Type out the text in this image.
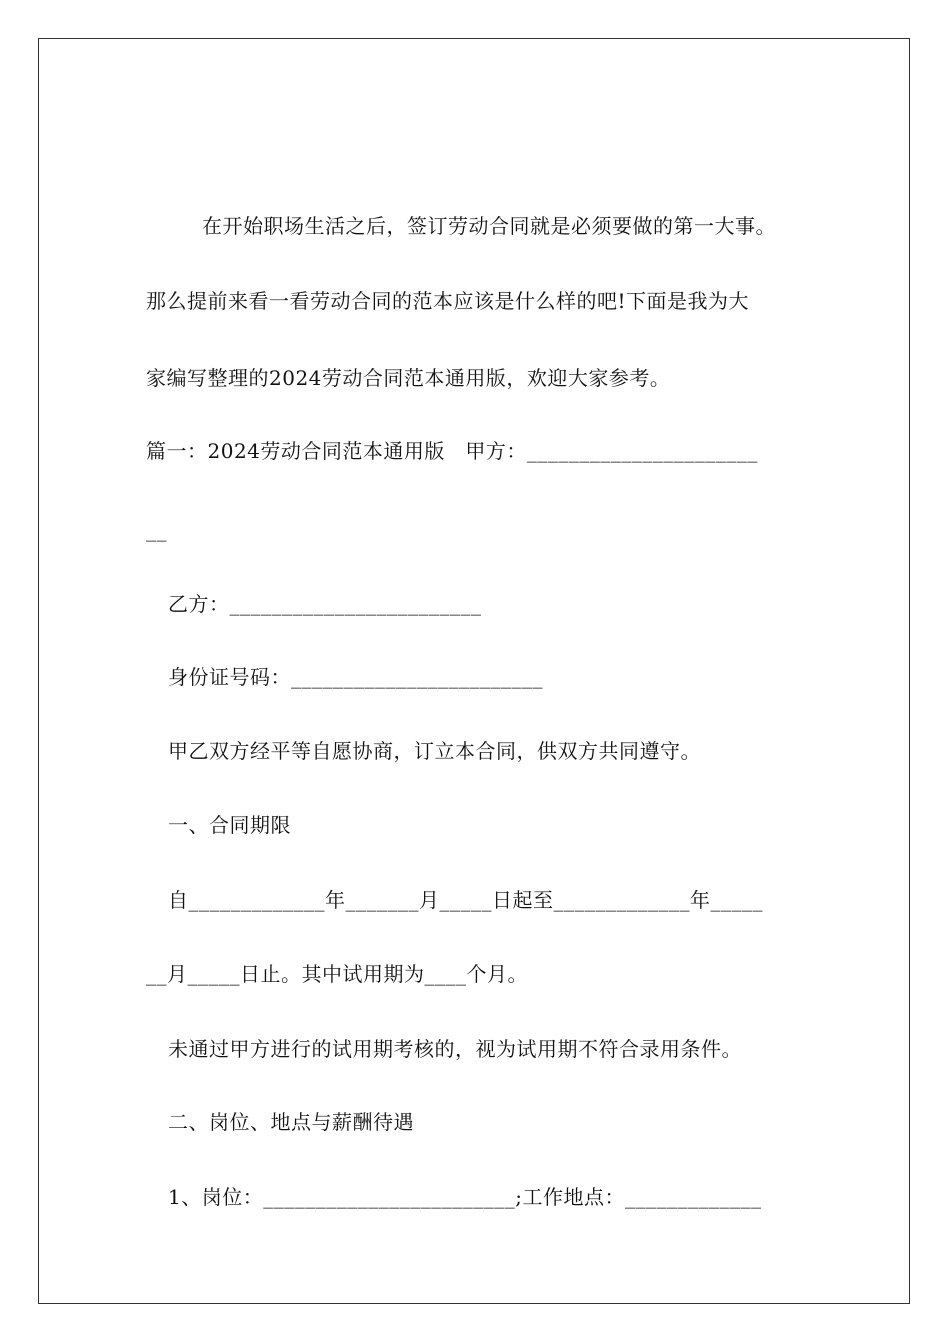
在开始职场生活之后，签订劳动合同就是必须要做的第一大事。
那么提前来看一看劳动合同的范本应该是什么样的吧!下面是我为大
家编写整理的2024劳动合同范本通用版，欢迎大家参考。
篇一：2024劳动合同范本通用版　甲方：______________________
__
乙方：________________________
身份证号码：________________________
甲乙双方经平等自愿协商，订立本合同，供双方共同遵守。
一、合同期限
自_____________年_______月_____日起至_____________年_____
__月_____日止。其中试用期为____个月。
未通过甲方进行的试用期考核的，视为试用期不符合录用条件。
二、岗位、地点与薪酬待遇
1、岗位：________________________;工作地点：_____________
